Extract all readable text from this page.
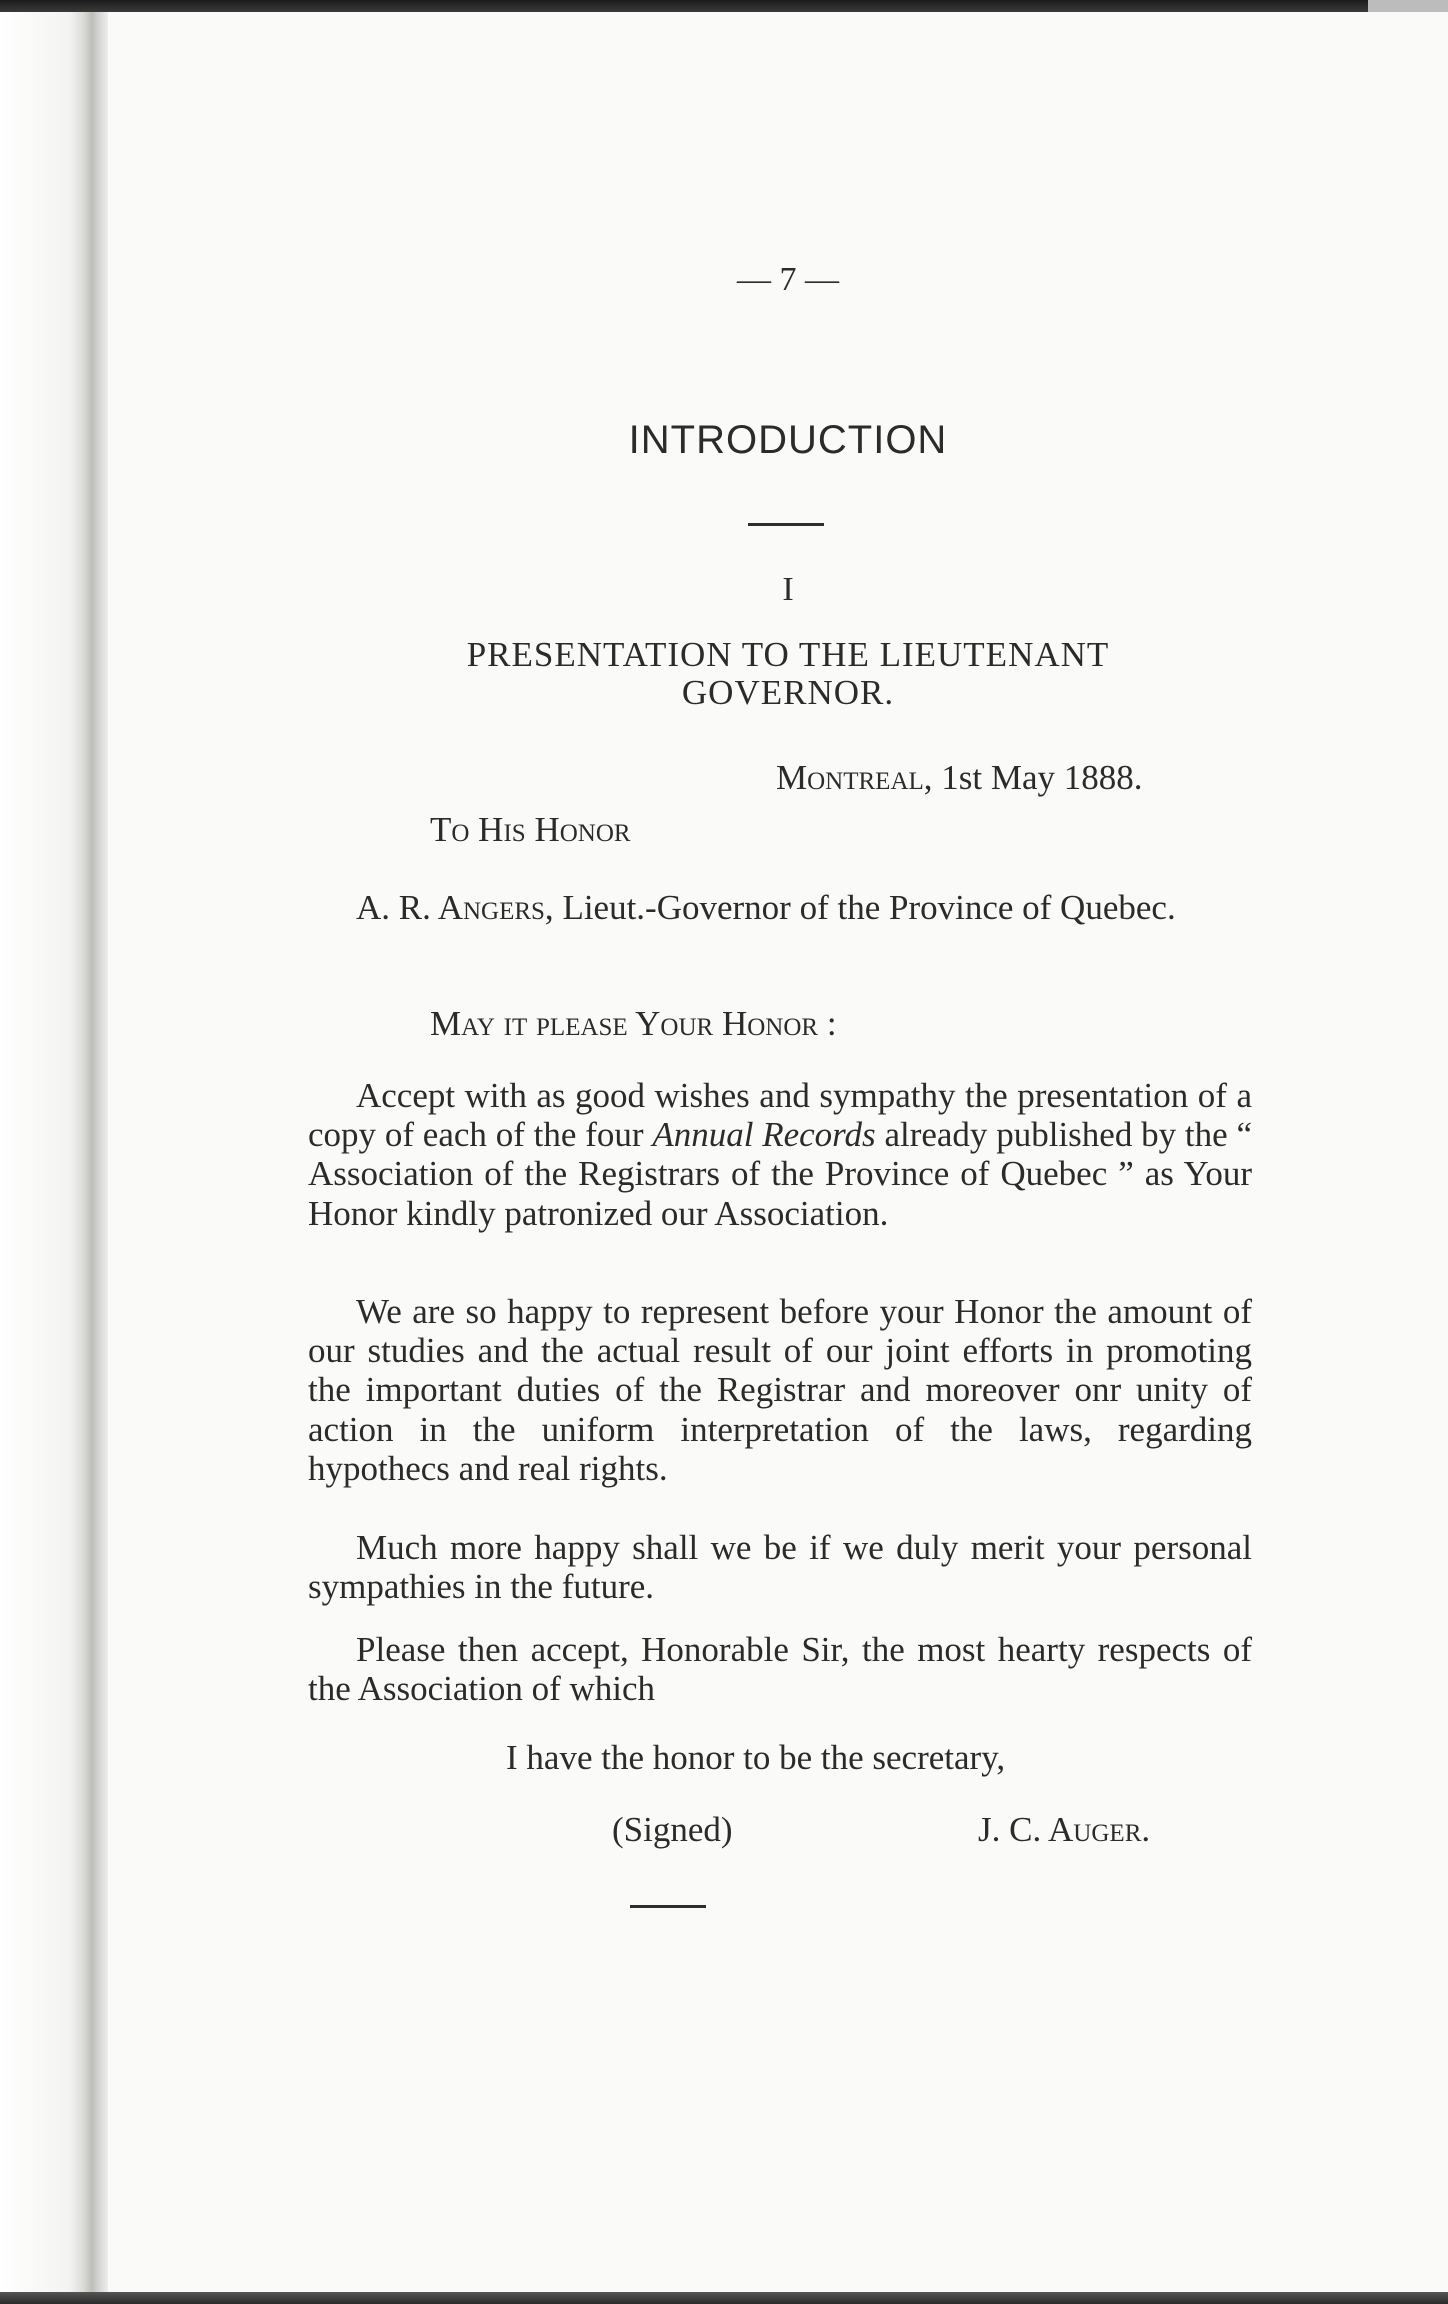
— 7 —
INTRODUCTION
I
PRESENTATION TO THE LIEUTENANT GOVERNOR.
Montreal, 1st May 1888.
To His Honor
A. R. Angers, Lieut.-Governor of the Province of Quebec.
May it please Your Honor :
Accept with as good wishes and sympathy the presentation of a copy of each of the four Annual Records already published by the “ Association of the Registrars of the Province of Quebec ” as Your Honor kindly patronized our Association.
We are so happy to represent before your Honor the amount of our studies and the actual result of our joint efforts in promoting the important duties of the Registrar and moreover onr unity of action in the uniform interpretation of the laws, regarding hypothecs and real rights.
Much more happy shall we be if we duly merit your personal sympathies in the future.
Please then accept, Honorable Sir, the most hearty respects of the Association of which
I have the honor to be the secretary,
(Signed)	J. C. Auger.
